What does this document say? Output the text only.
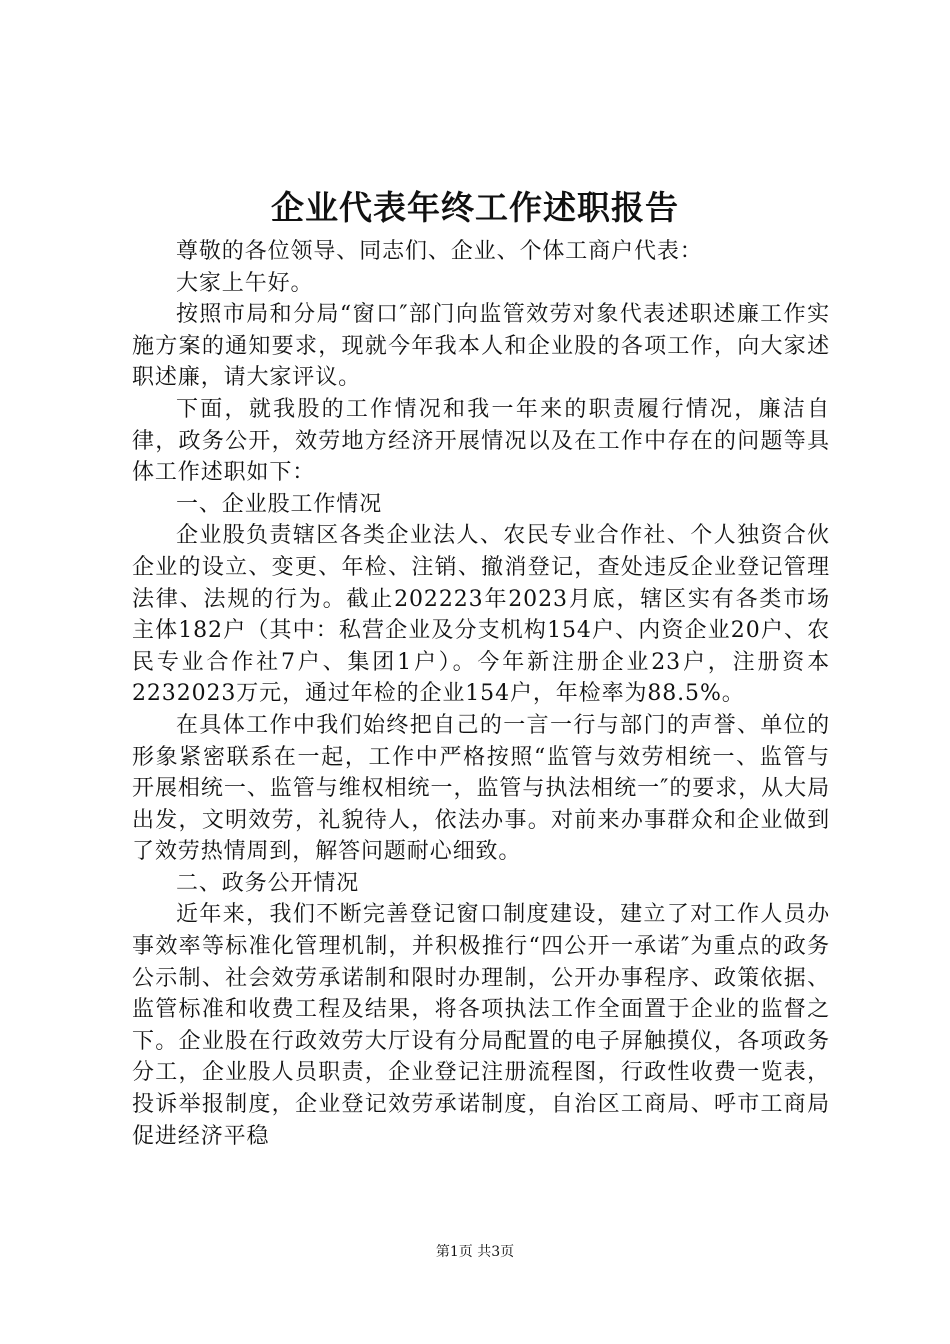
企业代表年终工作述职报告

尊敬的各位领导、同志们、企业、个体工商户代表：

大家上午好。

按照市局和分局“窗口″部门向监管效劳对象代表述职述廉工作实施方案的通知要求，现就今年我本人和企业股的各项工作，向大家述职述廉，请大家评议。

下面，就我股的工作情况和我一年来的职责履行情况，廉洁自律，政务公开，效劳地方经济开展情况以及在工作中存在的问题等具体工作述职如下：

一、企业股工作情况

企业股负责辖区各类企业法人、农民专业合作社、个人独资合伙企业的设立、变更、年检、注销、撤消登记，查处违反企业登记管理法律、法规的行为。截止202223年2023月底，辖区实有各类市场主体182户（其中：私营企业及分支机构154户、内资企业20户、农民专业合作社7户、集团1户）。今年新注册企业23户，注册资本2232023万元，通过年检的企业154户，年检率为88.5%。

在具体工作中我们始终把自己的一言一行与部门的声誉、单位的形象紧密联系在一起，工作中严格按照“监管与效劳相统一、监管与开展相统一、监管与维权相统一，监管与执法相统一″的要求，从大局出发，文明效劳，礼貌待人，依法办事。对前来办事群众和企业做到了效劳热情周到，解答问题耐心细致。

二、政务公开情况

近年来，我们不断完善登记窗口制度建设，建立了对工作人员办事效率等标准化管理机制，并积极推行“四公开一承诺″为重点的政务公示制、社会效劳承诺制和限时办理制，公开办事程序、政策依据、监管标准和收费工程及结果，将各项执法工作全面置于企业的监督之下。企业股在行政效劳大厅设有分局配置的电子屏触摸仪，各项政务分工，企业股人员职责，企业登记注册流程图，行政性收费一览表，投诉举报制度，企业登记效劳承诺制度，自治区工商局、呼市工商局促进经济平稳

第1页 共3页
